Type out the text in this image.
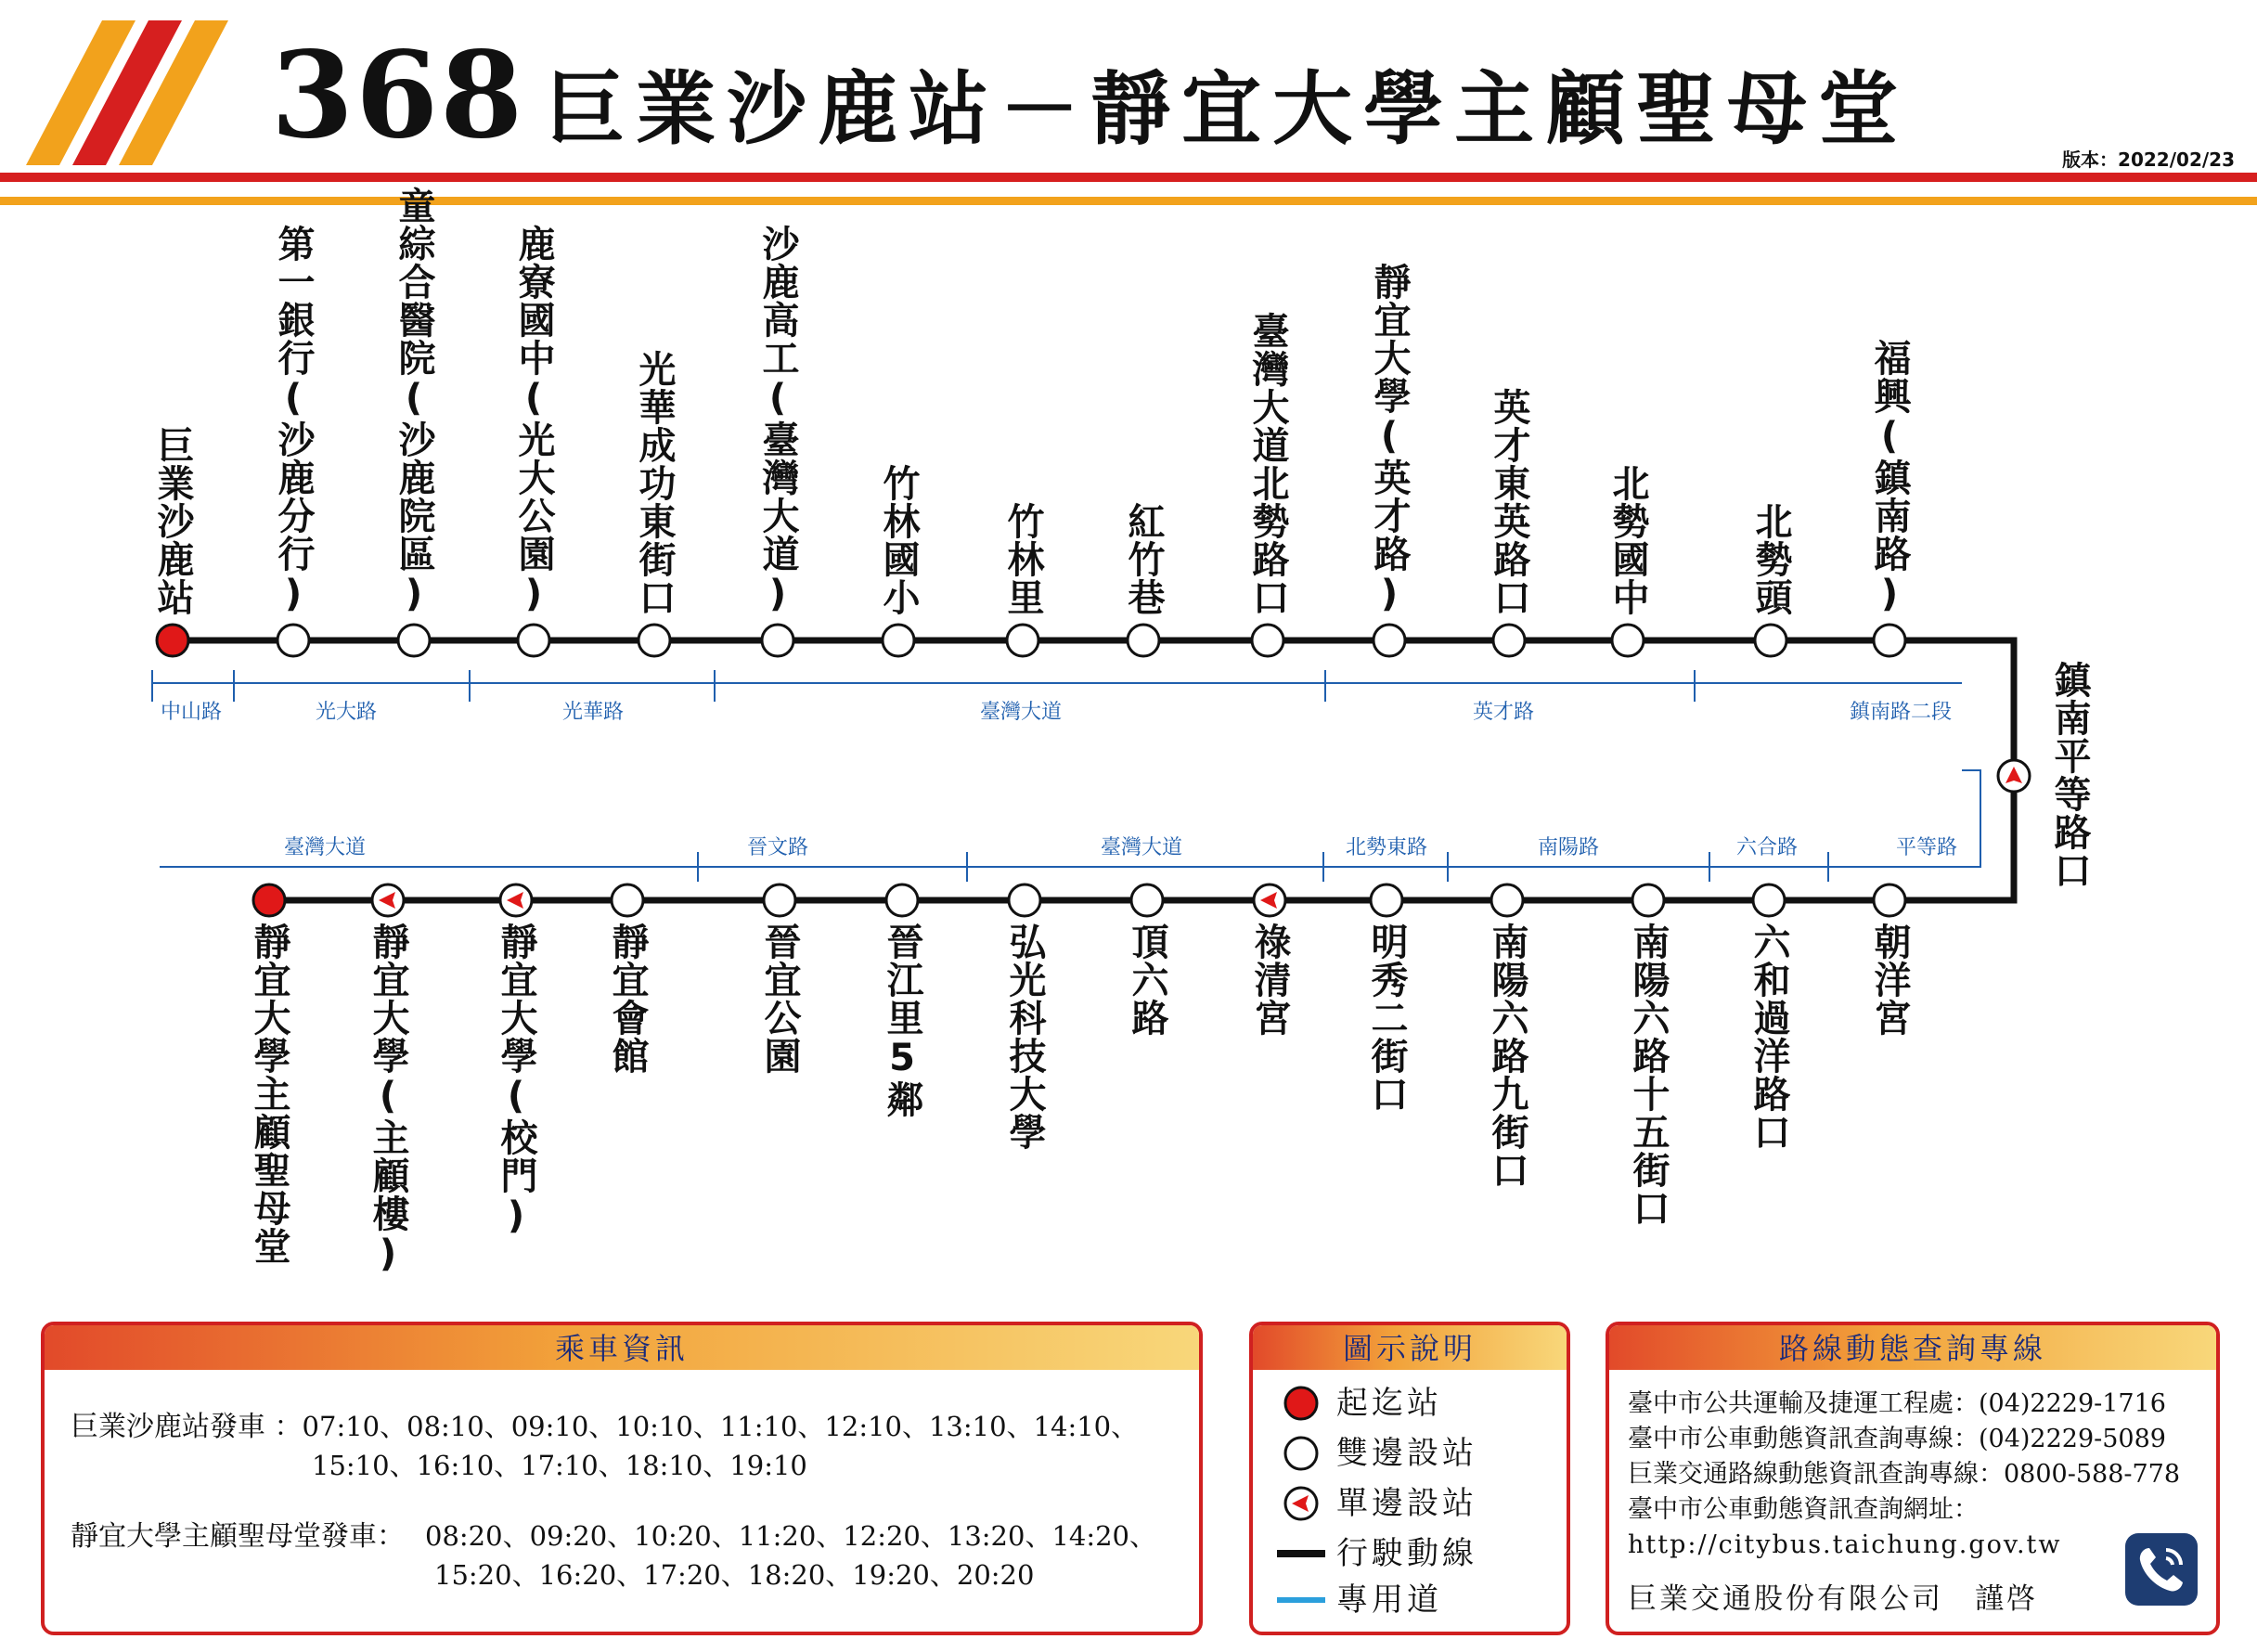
368 巨業沙鹿站－靜宜大學主顧聖母堂
版本：2022/02/23
巨業沙鹿站 第一銀行(沙鹿分行) 童綜合醫院(沙鹿院區) 鹿寮國中(光大公園) 光華成功東街口 沙鹿高工(臺灣大道) 竹林國小 竹林里 紅竹巷 臺灣大道北勢路口 靜宜大學(英才路) 英才東英路口 北勢國中	北勢頭 福興(鎮南路)
靜宜大學主顧聖母堂 靜宜大學(主顧樓) 靜宜大學(校門) 靜宜會館	晉宜公園 晉江里5鄰 弘光科技大學 頂六路 祿清宮 明秀二街口 南陽六路九街口	南陽六路十五街口 六和過洋路口 朝洋宮
鎮南平等路口
中山路	光大路	光華路	臺灣大道	英才路	鎮南路二段
臺灣大道	晉文路	臺灣大道	北勢東路	南陽路	六合路	平等路
乘車資訊
巨業沙鹿站發車 ：07:10、08:10、09:10、10:10、11:10、12:10、13:10、14:10、
15:10、16:10、17:10、18:10、19:10
靜宜大學主顧聖母堂發車： 08:20、09:20、10:20、11:20、12:20、13:20、14:20、
15:20、16:20、17:20、18:20、19:20、20:20
圖示說明
起迄站
雙邊設站
單邊設站
行駛動線
專用道
路線動態查詢專線
臺中市公共運輸及捷運工程處：(04)2229-1716
臺中市公車動態資訊查詢專線：(04)2229-5089
巨業交通路線動態資訊查詢專線：0800-588-778
臺中市公車動態資訊查詢網址：
http://citybus.taichung.gov.tw
巨業交通股份有限公司　謹啓
